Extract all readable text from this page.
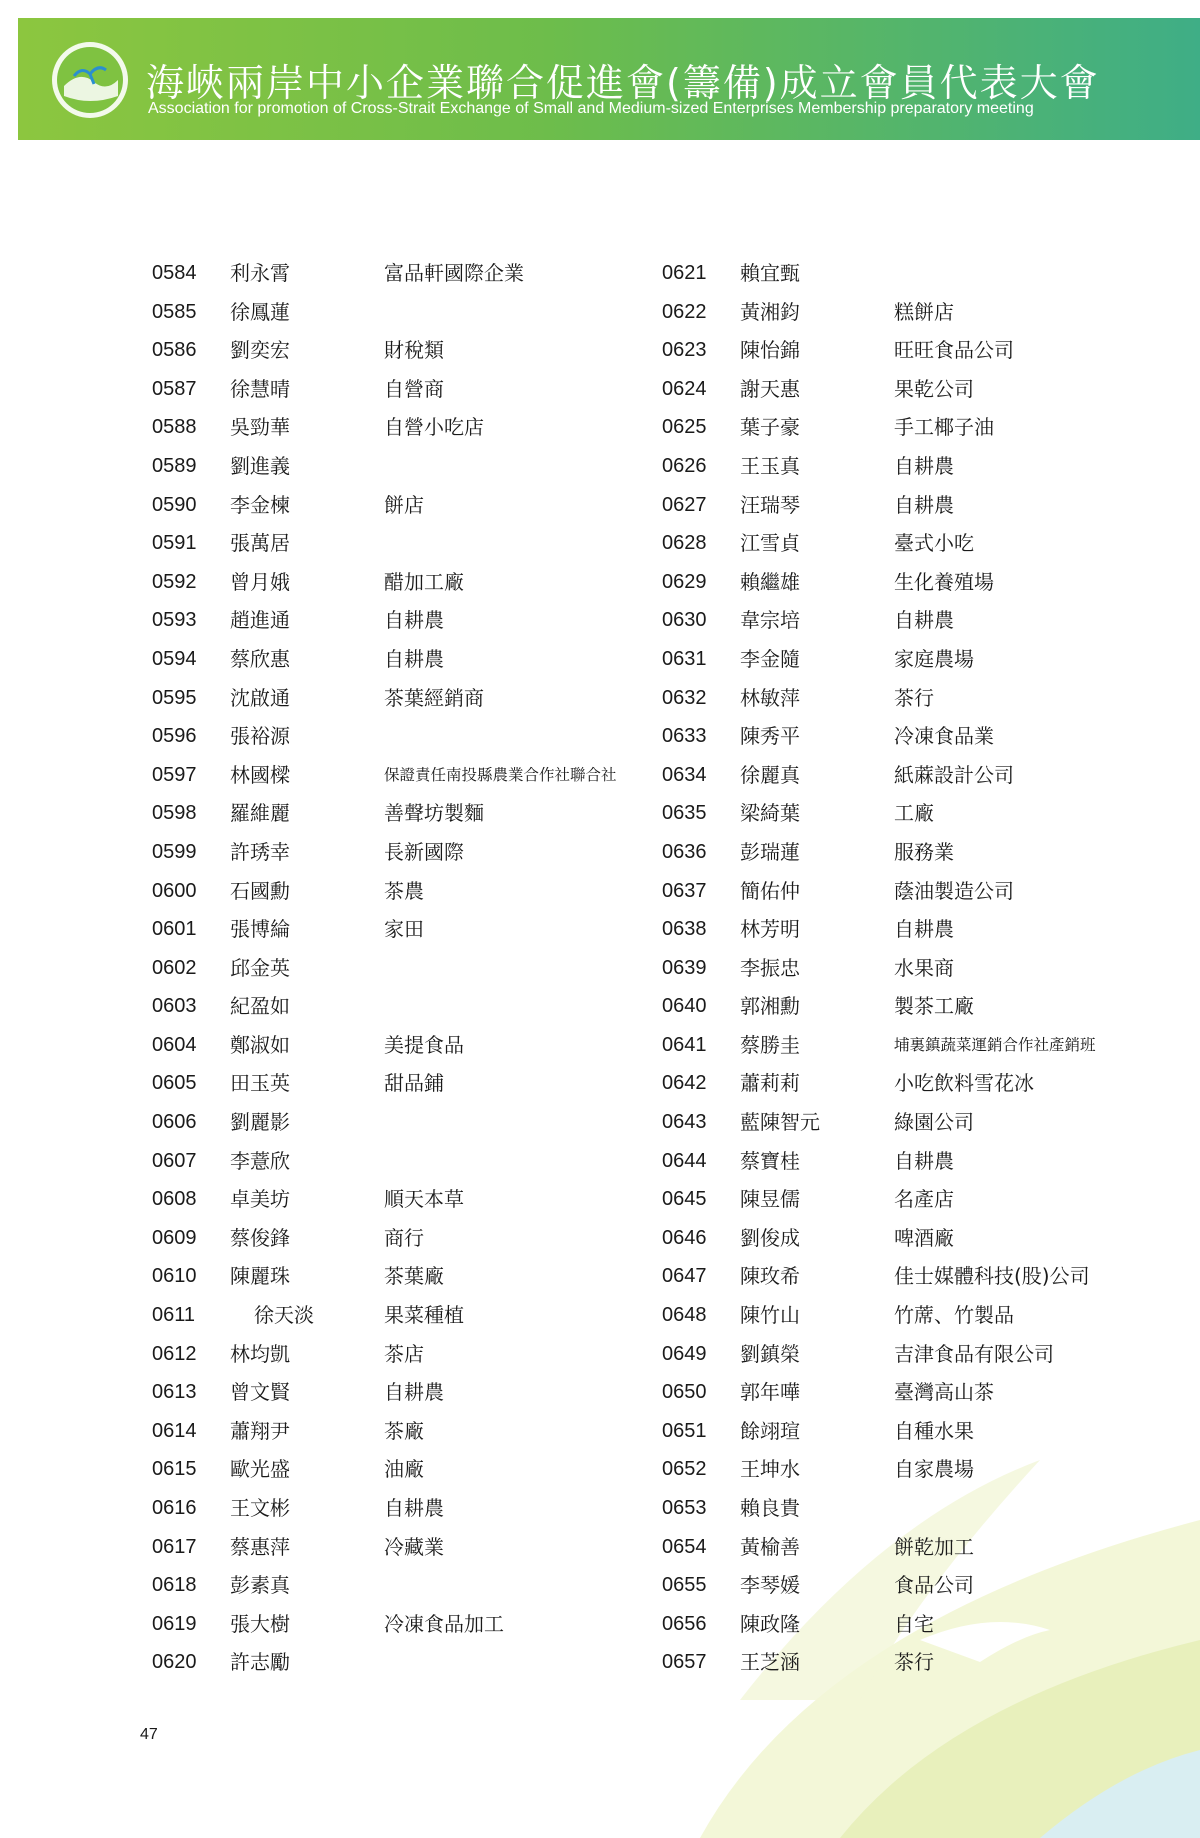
海峽兩岸中小企業聯合促進會(籌備)成立會員代表大會
Association for promotion of Cross-Strait Exchange of Small and Medium-sized Enterprises Membership preparatory meeting
0584 利永霄	富品軒國際企業
0585 徐鳳蓮
0586 劉奕宏	財稅類
0587 徐慧晴	自營商
0588 吳勁華	自營小吃店
0589 劉進義
0590 李金楝	餅店
0591 張萬居
0592 曾月娥	醋加工廠
0593 趙進通	自耕農
0594 蔡欣惠	自耕農
0595 沈啟通	茶葉經銷商
0596 張裕源
0597 林國樑	保證責任南投縣農業合作社聯合社
0598 羅維麗	善聲坊製麵
0599 許琇幸	長新國際
0600 石國勳	茶農
0601 張博綸	家田
0602 邱金英
0603 紀盈如
0604 鄭淑如	美提食品
0605 田玉英	甜品鋪
0606 劉麗影
0607 李薏欣
0608 卓美坊	順天本草
0609 蔡俊鋒	商行
0610 陳麗珠	茶葉廠
0611	徐天淡	果菜種植
0612 林均凱	茶店
0613 曾文賢	自耕農
0614 蕭翔尹	茶廠
0615 歐光盛	油廠
0616 王文彬	自耕農
0617 蔡惠萍	冷藏業
0618 彭素真
0619 張大樹	冷凍食品加工
0620 許志勵
0621 賴宜甄
0622 黃湘鈞	糕餅店
0623 陳怡錦	旺旺食品公司
0624 謝天惠	果乾公司
0625 葉子豪	手工椰子油
0626 王玉真	自耕農
0627 汪瑞琴	自耕農
0628 江雪貞	臺式小吃
0629 賴繼雄	生化養殖場
0630 韋宗培	自耕農
0631 李金隨	家庭農場
0632 林敏萍	茶行
0633 陳秀平	冷凍食品業
0634 徐麗真	紙蔴設計公司
0635 梁綺葉	工廠
0636 彭瑞蓮	服務業
0637 簡佑仲	蔭油製造公司
0638 林芳明	自耕農
0639 李振忠	水果商
0640 郭湘勳	製茶工廠
0641 蔡勝圭	埔裏鎮蔬菜運銷合作社產銷班
0642 蕭莉莉	小吃飲料雪花冰
0643 藍陳智元	綠園公司
0644 蔡寶桂	自耕農
0645 陳昱儒	名產店
0646 劉俊成	啤酒廠
0647 陳玫希	佳士媒體科技(股)公司
0648 陳竹山	竹蓆、竹製品
0649 劉鎮榮	吉津食品有限公司
0650 郭年嘩	臺灣高山茶
0651 餘翊瑄	自種水果
0652 王坤水	自家農場
0653 賴良貴
0654 黃榆善	餅乾加工
0655 李琴媛	食品公司
0656 陳政隆	自宅
0657 王芝涵	茶行
47
